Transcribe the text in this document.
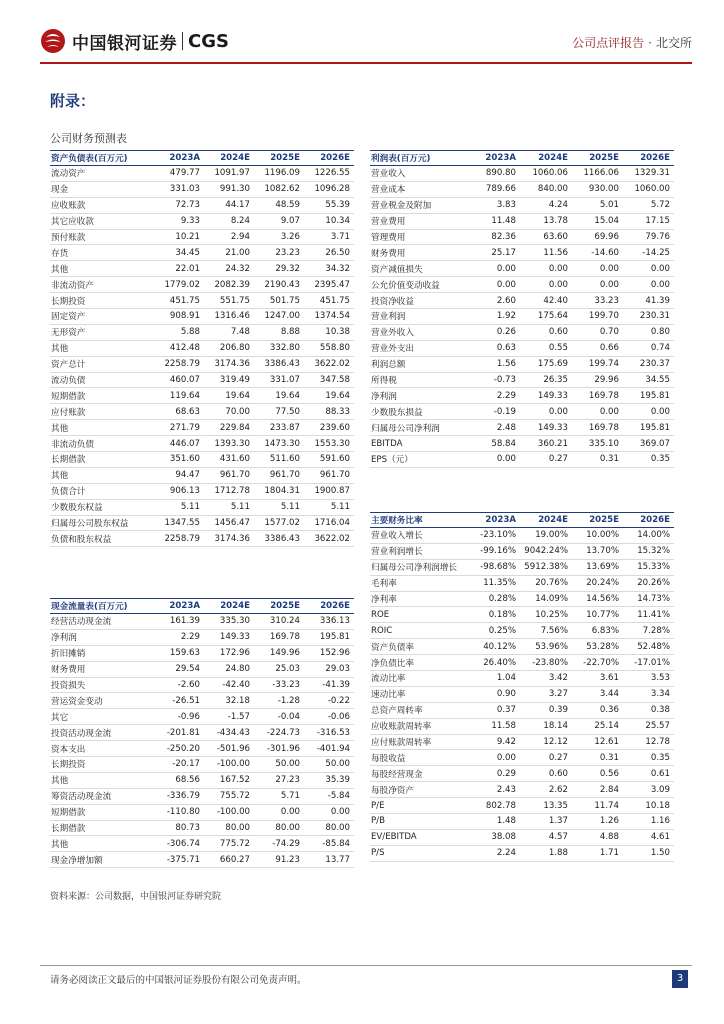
中国银河证券 CGS	公司点评报告 · 北交所
附录：
公司财务预测表
资产负债表(百万元)	2023A	2024E	2025E	2026E
流动资产	479.77	1091.97	1196.09	1226.55
现金	331.03	991.30	1082.62	1096.28
应收账款	72.73	44.17	48.59	55.39
其它应收款	9.33	8.24	9.07	10.34
预付账款	10.21	2.94	3.26	3.71
存货	34.45	21.00	23.23	26.50
其他	22.01	24.32	29.32	34.32
非流动资产	1779.02	2082.39	2190.43	2395.47
长期投资	451.75	551.75	501.75	451.75
固定资产	908.91	1316.46	1247.00	1374.54
无形资产	5.88	7.48	8.88	10.38
其他	412.48	206.80	332.80	558.80
资产总计	2258.79	3174.36	3386.43	3622.02
流动负债	460.07	319.49	331.07	347.58
短期借款	119.64	19.64	19.64	19.64
应付账款	68.63	70.00	77.50	88.33
其他	271.79	229.84	233.87	239.60
非流动负债	446.07	1393.30	1473.30	1553.30
长期借款	351.60	431.60	511.60	591.60
其他	94.47	961.70	961.70	961.70
负债合计	906.13	1712.78	1804.31	1900.87
少数股东权益	5.11	5.11	5.11	5.11
归属母公司股东权益	1347.55	1456.47	1577.02	1716.04
负债和股东权益	2258.79	3174.36	3386.43	3622.02
利润表(百万元)	2023A	2024E	2025E	2026E
营业收入	890.80	1060.06	1166.06	1329.31
营业成本	789.66	840.00	930.00	1060.00
营业税金及附加	3.83	4.24	5.01	5.72
营业费用	11.48	13.78	15.04	17.15
管理费用	82.36	63.60	69.96	79.76
财务费用	25.17	11.56	-14.60	-14.25
资产减值损失	0.00	0.00	0.00	0.00
公允价值变动收益	0.00	0.00	0.00	0.00
投资净收益	2.60	42.40	33.23	41.39
营业利润	1.92	175.64	199.70	230.31
营业外收入	0.26	0.60	0.70	0.80
营业外支出	0.63	0.55	0.66	0.74
利润总额	1.56	175.69	199.74	230.37
所得税	-0.73	26.35	29.96	34.55
净利润	2.29	149.33	169.78	195.81
少数股东损益	-0.19	0.00	0.00	0.00
归属母公司净利润	2.48	149.33	169.78	195.81
EBITDA	58.84	360.21	335.10	369.07
EPS（元）	0.00	0.27	0.31	0.35
主要财务比率	2023A	2024E	2025E	2026E
营业收入增长	-23.10%	19.00%	10.00%	14.00%
营业利润增长	-99.16%	9042.24%	13.70%	15.32%
归属母公司净利润增长	-98.68%	5912.38%	13.69%	15.33%
毛利率	11.35%	20.76%	20.24%	20.26%
净利率	0.28%	14.09%	14.56%	14.73%
ROE	0.18%	10.25%	10.77%	11.41%
ROIC	0.25%	7.56%	6.83%	7.28%
资产负债率	40.12%	53.96%	53.28%	52.48%
净负债比率	26.40%	-23.80%	-22.70%	-17.01%
流动比率	1.04	3.42	3.61	3.53
速动比率	0.90	3.27	3.44	3.34
总资产周转率	0.37	0.39	0.36	0.38
应收账款周转率	11.58	18.14	25.14	25.57
应付账款周转率	9.42	12.12	12.61	12.78
每股收益	0.00	0.27	0.31	0.35
每股经营现金	0.29	0.60	0.56	0.61
每股净资产	2.43	2.62	2.84	3.09
P/E	802.78	13.35	11.74	10.18
P/B	1.48	1.37	1.26	1.16
EV/EBITDA	38.08	4.57	4.88	4.61
P/S	2.24	1.88	1.71	1.50
现金流量表(百万元)	2023A	2024E	2025E	2026E
经营活动现金流	161.39	335.30	310.24	336.13
净利润	2.29	149.33	169.78	195.81
折旧摊销	159.63	172.96	149.96	152.96
财务费用	29.54	24.80	25.03	29.03
投资损失	-2.60	-42.40	-33.23	-41.39
营运资金变动	-26.51	32.18	-1.28	-0.22
其它	-0.96	-1.57	-0.04	-0.06
投资活动现金流	-201.81	-434.43	-224.73	-316.53
资本支出	-250.20	-501.96	-301.96	-401.94
长期投资	-20.17	-100.00	50.00	50.00
其他	68.56	167.52	27.23	35.39
筹资活动现金流	-336.79	755.72	5.71	-5.84
短期借款	-110.80	-100.00	0.00	0.00
长期借款	80.73	80.00	80.00	80.00
其他	-306.74	775.72	-74.29	-85.84
现金净增加额	-375.71	660.27	91.23	13.77
资料来源：公司数据，中国银河证券研究院
请务必阅读正文最后的中国银河证券股份有限公司免责声明。	3
